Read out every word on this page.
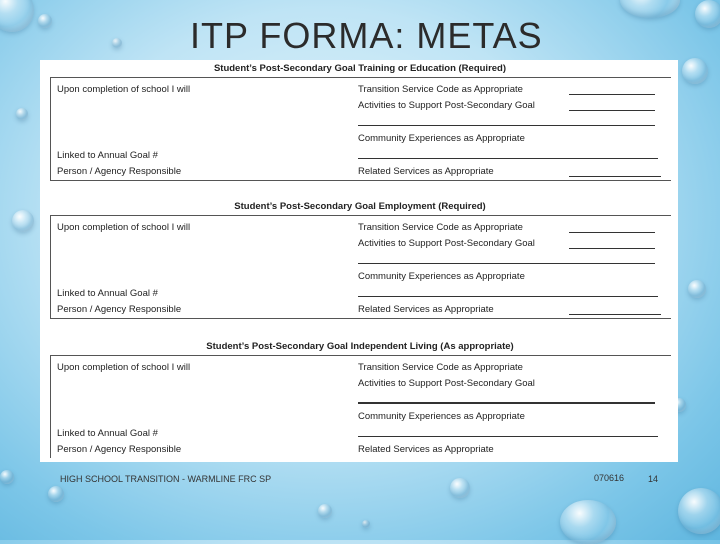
ITP FORMA: METAS
Student’s Post-Secondary Goal Training or Education (Required)
Upon completion of school I will
Linked to Annual Goal #
Person / Agency Responsible
Transition Service Code as Appropriate
Activities to Support Post-Secondary Goal
Community Experiences as Appropriate
Related Services as Appropriate
Student’s Post-Secondary Goal Employment (Required)
Upon completion of school I will
Linked to Annual Goal #
Person / Agency Responsible
Transition Service Code as Appropriate
Activities to Support Post-Secondary Goal
Community Experiences as Appropriate
Related Services as Appropriate
Student’s Post-Secondary Goal Independent Living (As appropriate)
Upon completion of school I will
Linked to Annual Goal #
Person / Agency Responsible
Transition Service Code as Appropriate
Activities to Support Post-Secondary Goal
Community Experiences as Appropriate
Related Services as Appropriate
HIGH SCHOOL TRANSITION - WARMLINE FRC SP	070616	14
